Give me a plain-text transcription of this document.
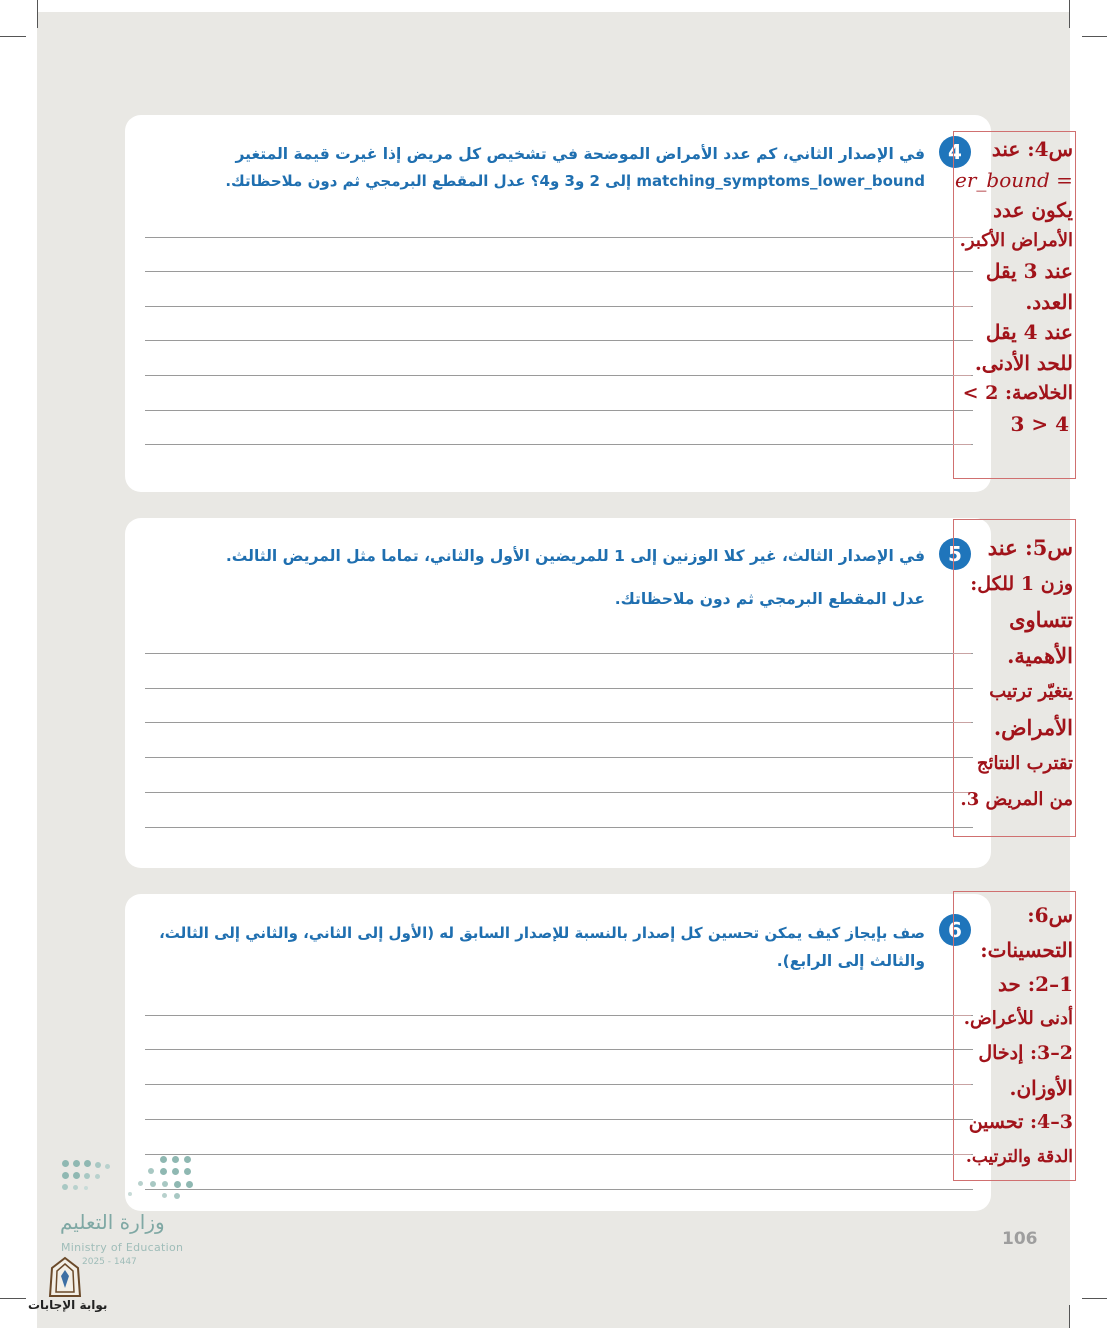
4
في الإصدار الثاني، كم عدد الأمراض الموضحة في تشخيص كل مريض إذا غيرت قيمة المتغير
matching_symptoms_lower_bound إلى 2 و3 و4؟ عدل المقطع البرمجي ثم دون ملاحظاتك.
5
في الإصدار الثالث، غير كلا الوزنين إلى 1 للمريضين الأول والثاني، تماما مثل المريض الثالث.
عدل المقطع البرمجي ثم دون ملاحظاتك.
6
صف بإيجاز كيف يمكن تحسين كل إصدار بالنسبة للإصدار السابق له (الأول إلى الثاني، والثاني إلى الثالث،
والثالث إلى الرابع).
س4: عند
er_bound =
يكون عدد
الأمراض الأكبر.
عند 3 يقل
العدد.
عند 4 يقل
للحد الأدنى.
الخلاصة: 2 >
3 > 4
س5: عند
وزن 1 للكل:
تتساوى
الأهمية.
يتغيّر ترتيب
الأمراض.
تقترب النتائج
من المريض 3.
س6:
التحسينات:
1–2: حد
أدنى للأعراض.
2–3: إدخال
الأوزان.
3–4: تحسين
الدقة والترتيب.
وزارة التعليم
Ministry of Education
2025 - 1447
بوابة الإجابات
106
